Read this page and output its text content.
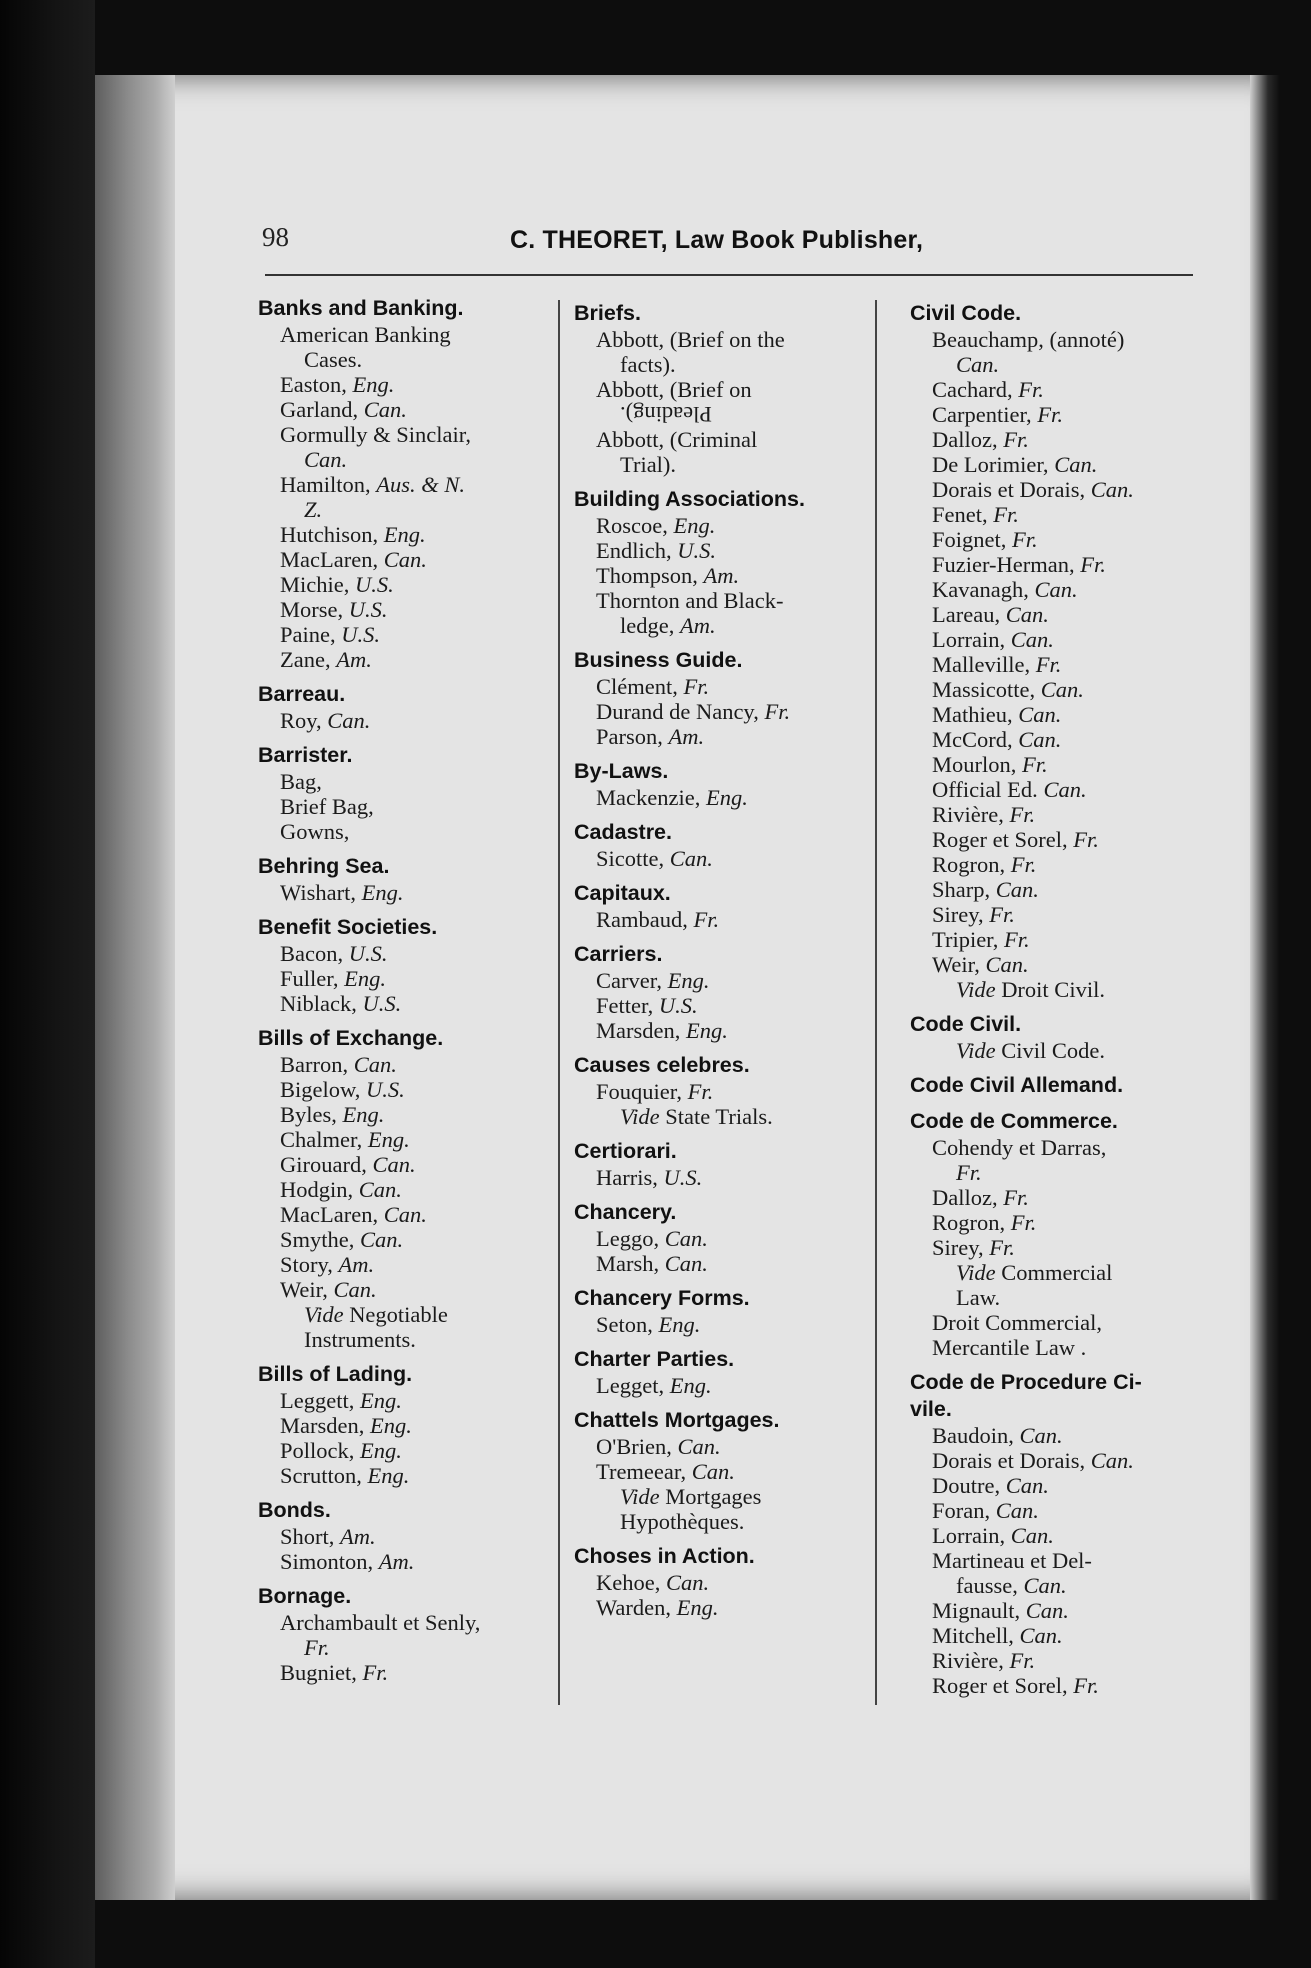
98	C. THEORET, Law Book Publisher,
Banks and Banking.
American Banking
Cases.
Easton, Eng.
Garland, Can.
Gormully & Sinclair,
Can.
Hamilton, Aus. & N.
Z.
Hutchison, Eng.
MacLaren, Can.
Michie, U.S.
Morse, U.S.
Paine, U.S.
Zane, Am.
Barreau.
Roy, Can.
Barrister.
Bag,
Brief Bag,
Gowns,
Behring Sea.
Wishart, Eng.
Benefit Societies.
Bacon, U.S.
Fuller, Eng.
Niblack, U.S.
Bills of Exchange.
Barron, Can.
Bigelow, U.S.
Byles, Eng.
Chalmer, Eng.
Girouard, Can.
Hodgin, Can.
MacLaren, Can.
Smythe, Can.
Story, Am.
Weir, Can.
Vide Negotiable
Instruments.
Bills of Lading.
Leggett, Eng.
Marsden, Eng.
Pollock, Eng.
Scrutton, Eng.
Bonds.
Short, Am.
Simonton, Am.
Bornage.
Archambault et Senly,
Fr.
Bugniet, Fr.
Briefs.
Abbott, (Brief on the
facts).
Abbott, (Brief on
Pleading).
Abbott, (Criminal
Trial).
Building Associations.
Roscoe, Eng.
Endlich, U.S.
Thompson, Am.
Thornton and Black-
ledge, Am.
Business Guide.
Clément, Fr.
Durand de Nancy, Fr.
Parson, Am.
By-Laws.
Mackenzie, Eng.
Cadastre.
Sicotte, Can.
Capitaux.
Rambaud, Fr.
Carriers.
Carver, Eng.
Fetter, U.S.
Marsden, Eng.
Causes celebres.
Fouquier, Fr.
Vide State Trials.
Certiorari.
Harris, U.S.
Chancery.
Leggo, Can.
Marsh, Can.
Chancery Forms.
Seton, Eng.
Charter Parties.
Legget, Eng.
Chattels Mortgages.
O'Brien, Can.
Tremeear, Can.
Vide Mortgages
Hypothèques.
Choses in Action.
Kehoe, Can.
Warden, Eng.
Civil Code.
Beauchamp, (annoté)
Can.
Cachard, Fr.
Carpentier, Fr.
Dalloz, Fr.
De Lorimier, Can.
Dorais et Dorais, Can.
Fenet, Fr.
Foignet, Fr.
Fuzier-Herman, Fr.
Kavanagh, Can.
Lareau, Can.
Lorrain, Can.
Malleville, Fr.
Massicotte, Can.
Mathieu, Can.
McCord, Can.
Mourlon, Fr.
Official Ed. Can.
Rivière, Fr.
Roger et Sorel, Fr.
Rogron, Fr.
Sharp, Can.
Sirey, Fr.
Tripier, Fr.
Weir, Can.
Vide Droit Civil.
Code Civil.
Vide Civil Code.
Code Civil Allemand.
Code de Commerce.
Cohendy et Darras,
Fr.
Dalloz, Fr.
Rogron, Fr.
Sirey, Fr.
Vide Commercial
Law.
Droit Commercial,
Mercantile Law .
Code de Procedure Ci-
vile.
Baudoin, Can.
Dorais et Dorais, Can.
Doutre, Can.
Foran, Can.
Lorrain, Can.
Martineau et Del-
fausse, Can.
Mignault, Can.
Mitchell, Can.
Rivière, Fr.
Roger et Sorel, Fr.
